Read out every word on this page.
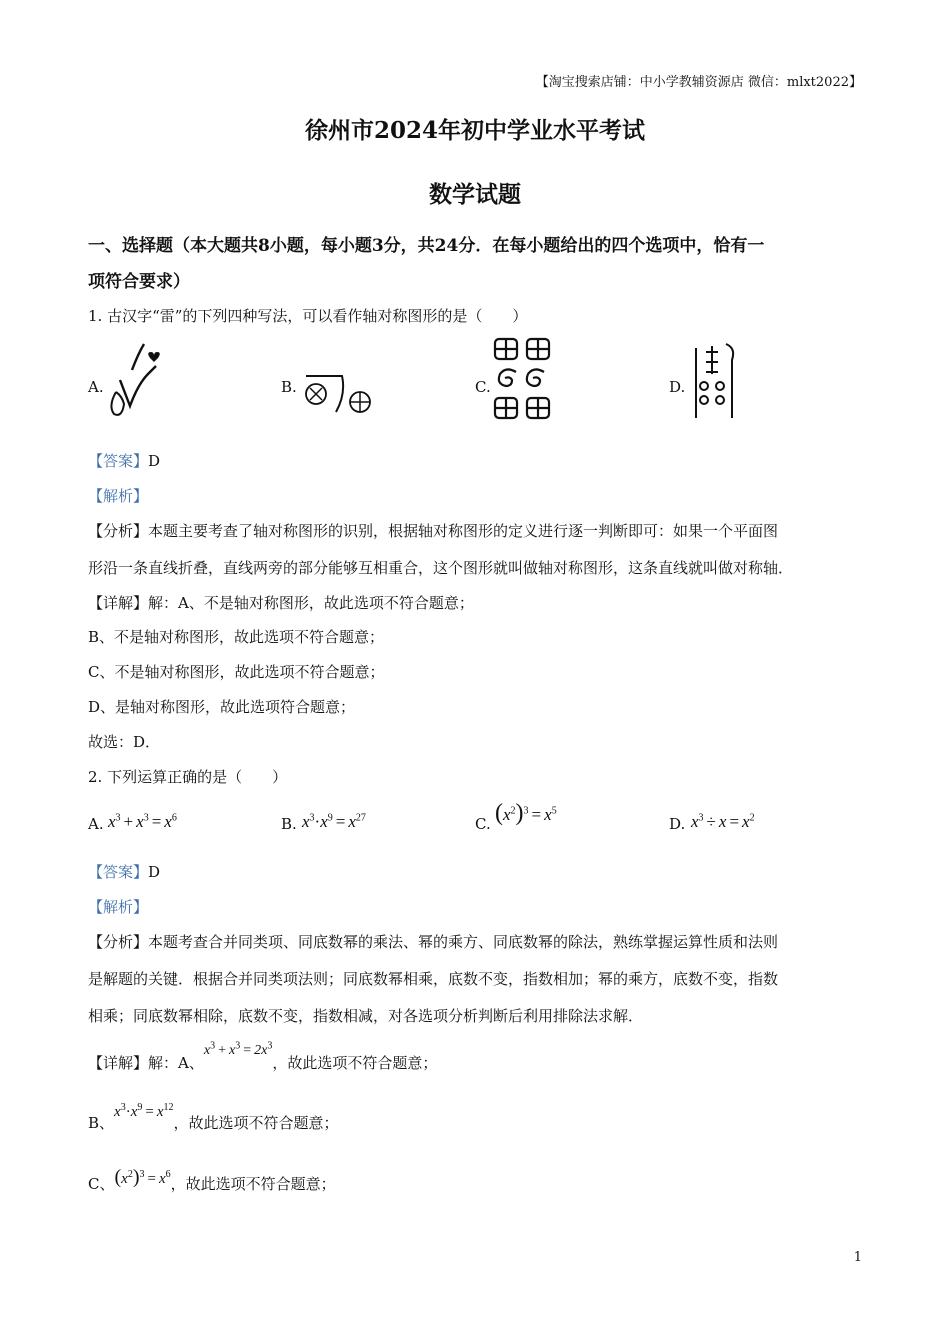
【淘宝搜索店铺：中小学教辅资源店 微信：mlxt2022】
徐州市2024年初中学业水平考试
数学试题
一、选择题（本大题共8小题，每小题3分，共24分．在每小题给出的四个选项中，恰有一
项符合要求）
1. 古汉字“雷”的下列四种写法，可以看作轴对称图形的是（　　）
A.	B.	C.	D.
【答案】D
【解析】
【分析】本题主要考查了轴对称图形的识别，根据轴对称图形的定义进行逐一判断即可：如果一个平面图
形沿一条直线折叠，直线两旁的部分能够互相重合，这个图形就叫做轴对称图形，这条直线就叫做对称轴．
【详解】解：A、不是轴对称图形，故此选项不符合题意；
B、不是轴对称图形，故此选项不符合题意；
C、不是轴对称图形，故此选项不符合题意；
D、是轴对称图形，故此选项符合题意；
故选：D．
2. 下列运算正确的是（　　）
A. $x^3 + x^3 = x^6$	B. $x^3\cdot x^9 = x^{27}$	C. $(x^2)^3 = x^5$
D. $x^3 \div x = x^2$
【答案】D
【解析】
【分析】本题考查合并同类项、同底数幂的乘法、幂的乘方、同底数幂的除法，熟练掌握运算性质和法则
是解题的关键．根据合并同类项法则；同底数幂相乘，底数不变，指数相加；幂的乘方，底数不变，指数
相乘；同底数幂相除，底数不变，指数相减，对各选项分析判断后利用排除法求解．
【详解】解：A、$x^3 + x^3 = 2x^3$，故此选项不符合题意；
B、$x^3\cdot x^9 = x^{12}$，故此选项不符合题意；
C、$(x^2)^3 = x^6$，故此选项不符合题意；
1
